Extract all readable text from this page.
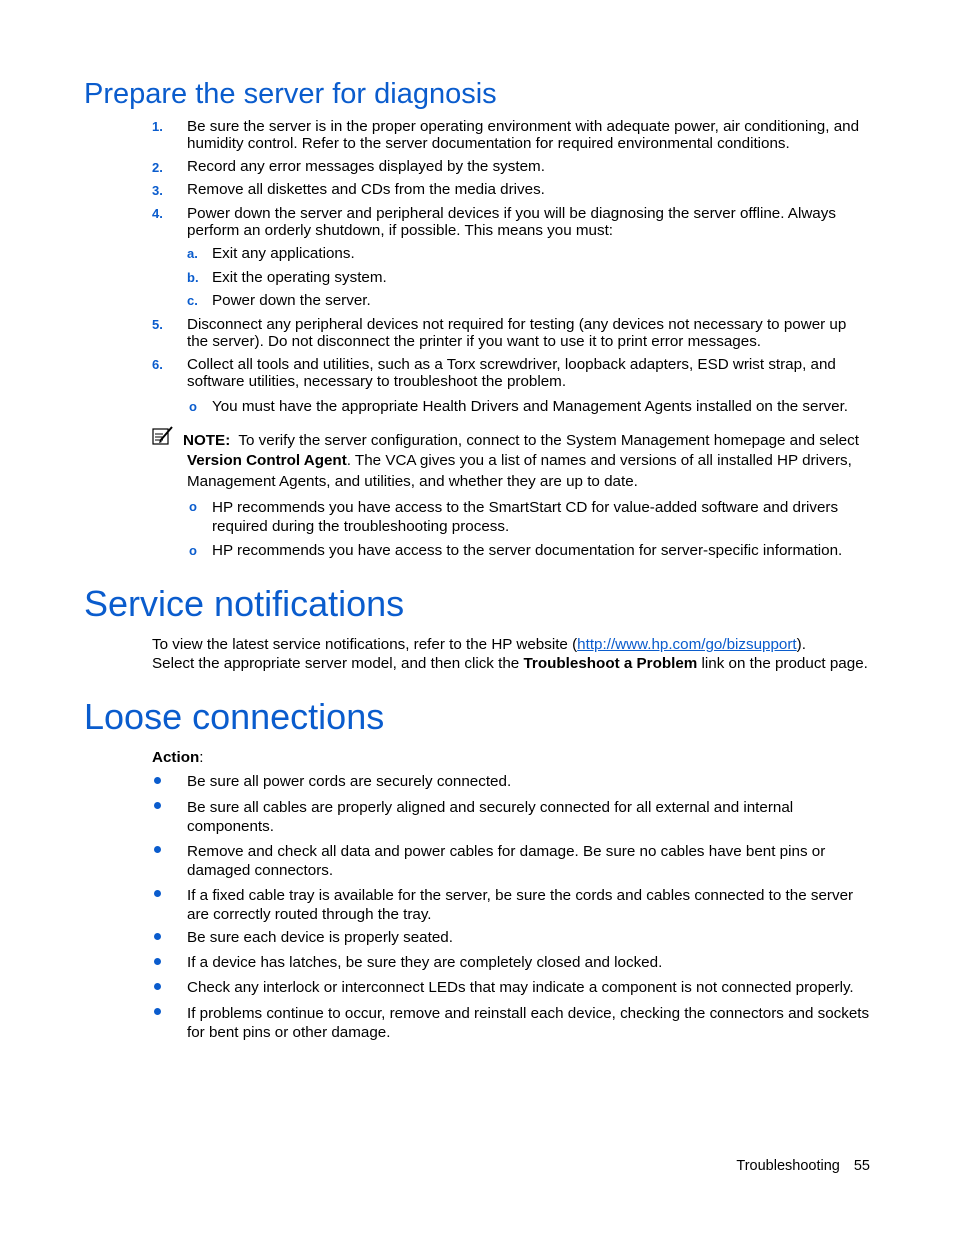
Prepare the server for diagnosis
1. Be sure the server is in the proper operating environment with adequate power, air conditioning, and humidity control. Refer to the server documentation for required environmental conditions.
2. Record any error messages displayed by the system.
3. Remove all diskettes and CDs from the media drives.
4. Power down the server and peripheral devices if you will be diagnosing the server offline. Always perform an orderly shutdown, if possible. This means you must:
a. Exit any applications.
b. Exit the operating system.
c. Power down the server.
5. Disconnect any peripheral devices not required for testing (any devices not necessary to power up the server). Do not disconnect the printer if you want to use it to print error messages.
6. Collect all tools and utilities, such as a Torx screwdriver, loopback adapters, ESD wrist strap, and software utilities, necessary to troubleshoot the problem.
o You must have the appropriate Health Drivers and Management Agents installed on the server.
NOTE: To verify the server configuration, connect to the System Management homepage and select
Version Control Agent. The VCA gives you a list of names and versions of all installed HP drivers,
Management Agents, and utilities, and whether they are up to date.
o HP recommends you have access to the SmartStart CD for value-added software and drivers required during the troubleshooting process.
o HP recommends you have access to the server documentation for server-specific information.
Service notifications
To view the latest service notifications, refer to the HP website (http://www.hp.com/go/bizsupport).
Select the appropriate server model, and then click the Troubleshoot a Problem link on the product page.
Loose connections
Action:
Be sure all power cords are securely connected.
Be sure all cables are properly aligned and securely connected for all external and internal components.
Remove and check all data and power cables for damage. Be sure no cables have bent pins or damaged connectors.
If a fixed cable tray is available for the server, be sure the cords and cables connected to the server are correctly routed through the tray.
Be sure each device is properly seated.
If a device has latches, be sure they are completely closed and locked.
Check any interlock or interconnect LEDs that may indicate a component is not connected properly.
If problems continue to occur, remove and reinstall each device, checking the connectors and sockets for bent pins or other damage.
Troubleshooting 55
